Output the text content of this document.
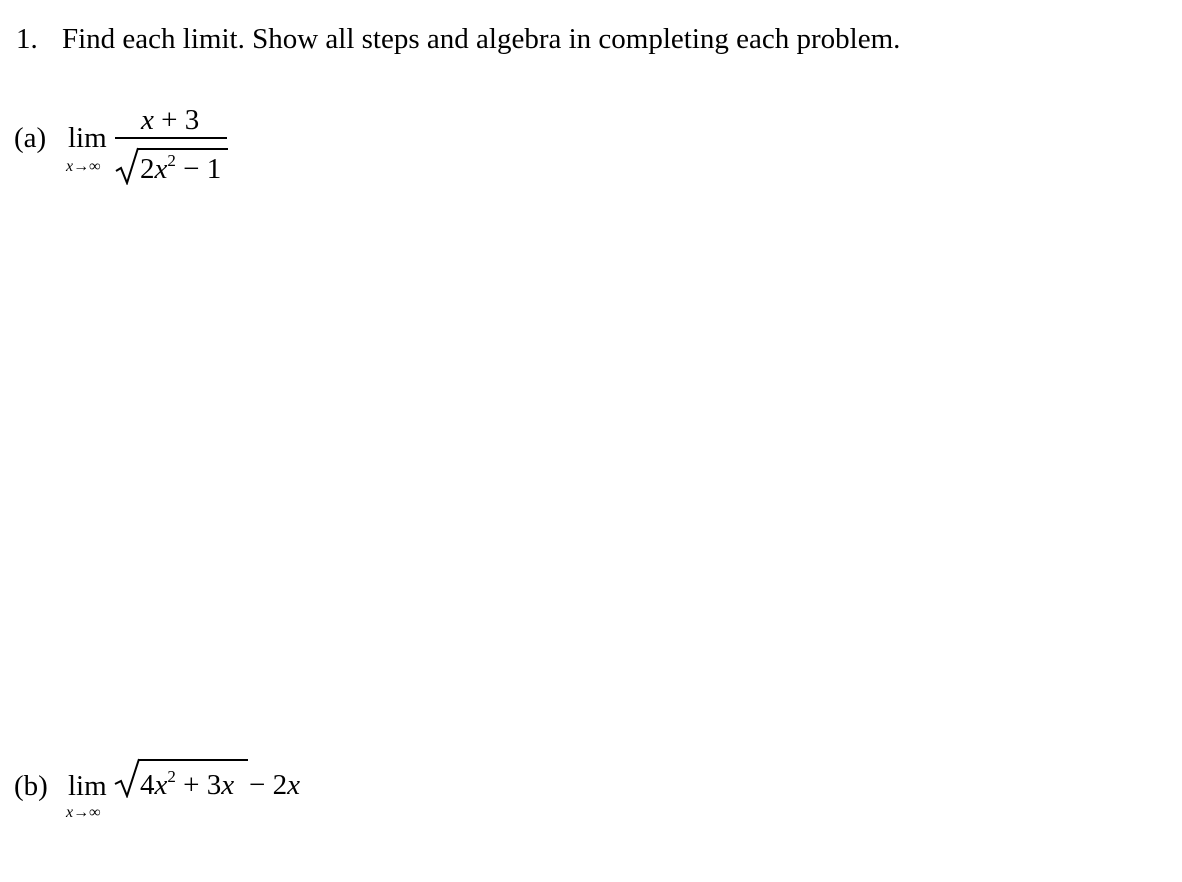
1. Find each limit. Show all steps and algebra in completing each problem.
(a) lim
x→∞
x + 3
$2x^2 - 1$
(b) lim
x→∞
$4x^2 + 3x - 2x$
